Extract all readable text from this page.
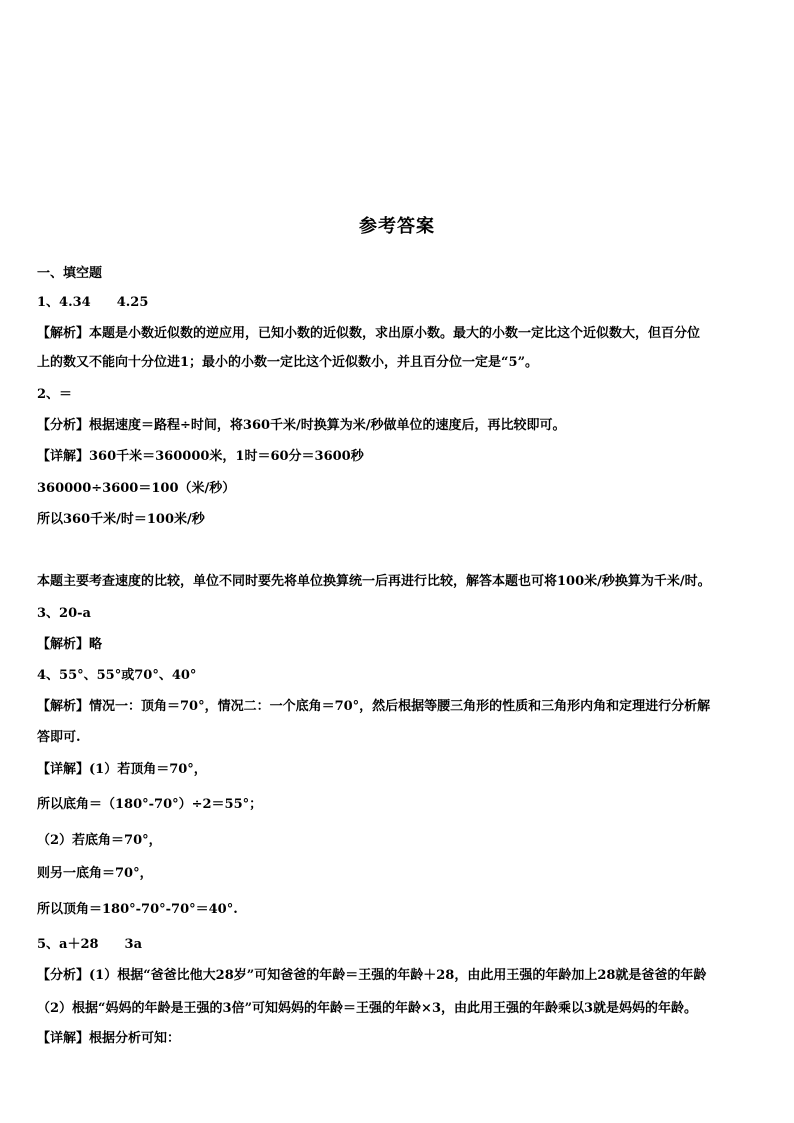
参考答案
一、填空题
1、4.34　　4.25
【解析】本题是小数近似数的逆应用，已知小数的近似数，求出原小数。最大的小数一定比这个近似数大，但百分位
上的数又不能向十分位进1；最小的小数一定比这个近似数小，并且百分位一定是“5”。
2、＝
【分析】根据速度＝路程÷时间，将360千米/时换算为米/秒做单位的速度后，再比较即可。
【详解】360千米＝360000米，1时＝60分＝3600秒
360000÷3600＝100（米/秒）
所以360千米/时＝100米/秒
本题主要考查速度的比较，单位不同时要先将单位换算统一后再进行比较，解答本题也可将100米/秒换算为千米/时。
3、20-a
【解析】略
4、55°、55°或70°、40°
【解析】情况一：顶角＝70°，情况二：一个底角＝70°，然后根据等腰三角形的性质和三角形内角和定理进行分析解
答即可.
【详解】(1）若顶角＝70°，
所以底角＝（180°-70°）÷2＝55°；
（2）若底角＝70°，
则另一底角＝70°，
所以顶角＝180°-70°-70°＝40°.
5、a＋28　　3a
【分析】(1）根据“爸爸比他大28岁”可知爸爸的年龄＝王强的年龄＋28，由此用王强的年龄加上28就是爸爸的年龄
（2）根据“妈妈的年龄是王强的3倍”可知妈妈的年龄＝王强的年龄×3，由此用王强的年龄乘以3就是妈妈的年龄。
【详解】根据分析可知：
